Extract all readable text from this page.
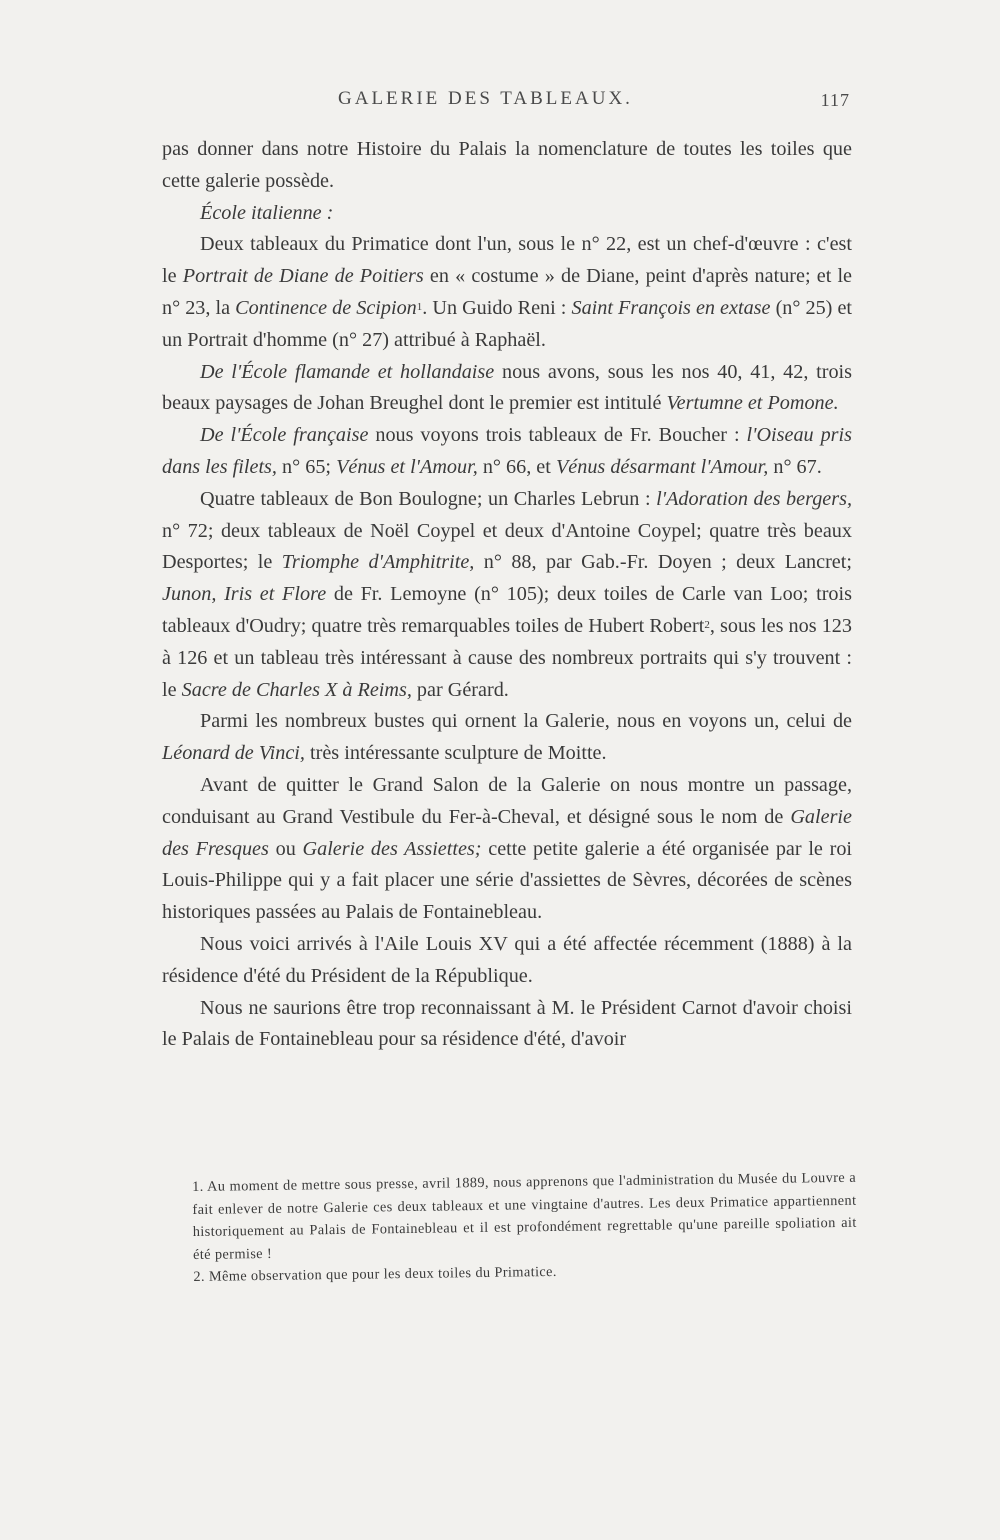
GALERIE DES TABLEAUX.	117

pas donner dans notre Histoire du Palais la nomenclature de toutes les toiles que cette galerie possède.

École italienne :

Deux tableaux du Primatice dont l'un, sous le n° 22, est un chef-d'œuvre : c'est le Portrait de Diane de Poitiers en « costume » de Diane, peint d'après nature; et le n° 23, la Continence de Scipion$^1$. Un Guido Reni : Saint François en extase (n° 25) et un Portrait d'homme (n° 27) attribué à Raphaël.

De l'École flamande et hollandaise nous avons, sous les nos 40, 41, 42, trois beaux paysages de Johan Breughel dont le premier est intitulé Vertumne et Pomone.

De l'École française nous voyons trois tableaux de Fr. Boucher : l'Oiseau pris dans les filets, n° 65; Vénus et l'Amour, n° 66, et Vénus désarmant l'Amour, n° 67.

Quatre tableaux de Bon Boulogne; un Charles Lebrun : l'Adoration des bergers, n° 72; deux tableaux de Noël Coypel et deux d'Antoine Coypel; quatre très beaux Desportes; le Triomphe d'Amphitrite, n° 88, par Gab.-Fr. Doyen ; deux Lancret; Junon, Iris et Flore de Fr. Lemoyne (n° 105); deux toiles de Carle van Loo; trois tableaux d'Oudry; quatre très remarquables toiles de Hubert Robert$^2$, sous les nos 123 à 126 et un tableau très intéressant à cause des nombreux portraits qui s'y trouvent : le Sacre de Charles X à Reims, par Gérard.

Parmi les nombreux bustes qui ornent la Galerie, nous en voyons un, celui de Léonard de Vinci, très intéressante sculpture de Moitte.

Avant de quitter le Grand Salon de la Galerie on nous montre un passage, conduisant au Grand Vestibule du Fer-à-Cheval, et désigné sous le nom de Galerie des Fresques ou Galerie des Assiettes; cette petite galerie a été organisée par le roi Louis-Philippe qui y a fait placer une série d'assiettes de Sèvres, décorées de scènes historiques passées au Palais de Fontainebleau.

Nous voici arrivés à l'Aile Louis XV qui a été affectée récemment (1888) à la résidence d'été du Président de la République.

Nous ne saurions être trop reconnaissant à M. le Président Carnot d'avoir choisi le Palais de Fontainebleau pour sa résidence d'été, d'avoir

1. Au moment de mettre sous presse, avril 1889, nous apprenons que l'administration du Musée du Louvre a fait enlever de notre Galerie ces deux tableaux et une vingtaine d'autres. Les deux Primatice appartiennent historiquement au Palais de Fontainebleau et il est profondément regrettable qu'une pareille spoliation ait été permise !

2. Même observation que pour les deux toiles du Primatice.
